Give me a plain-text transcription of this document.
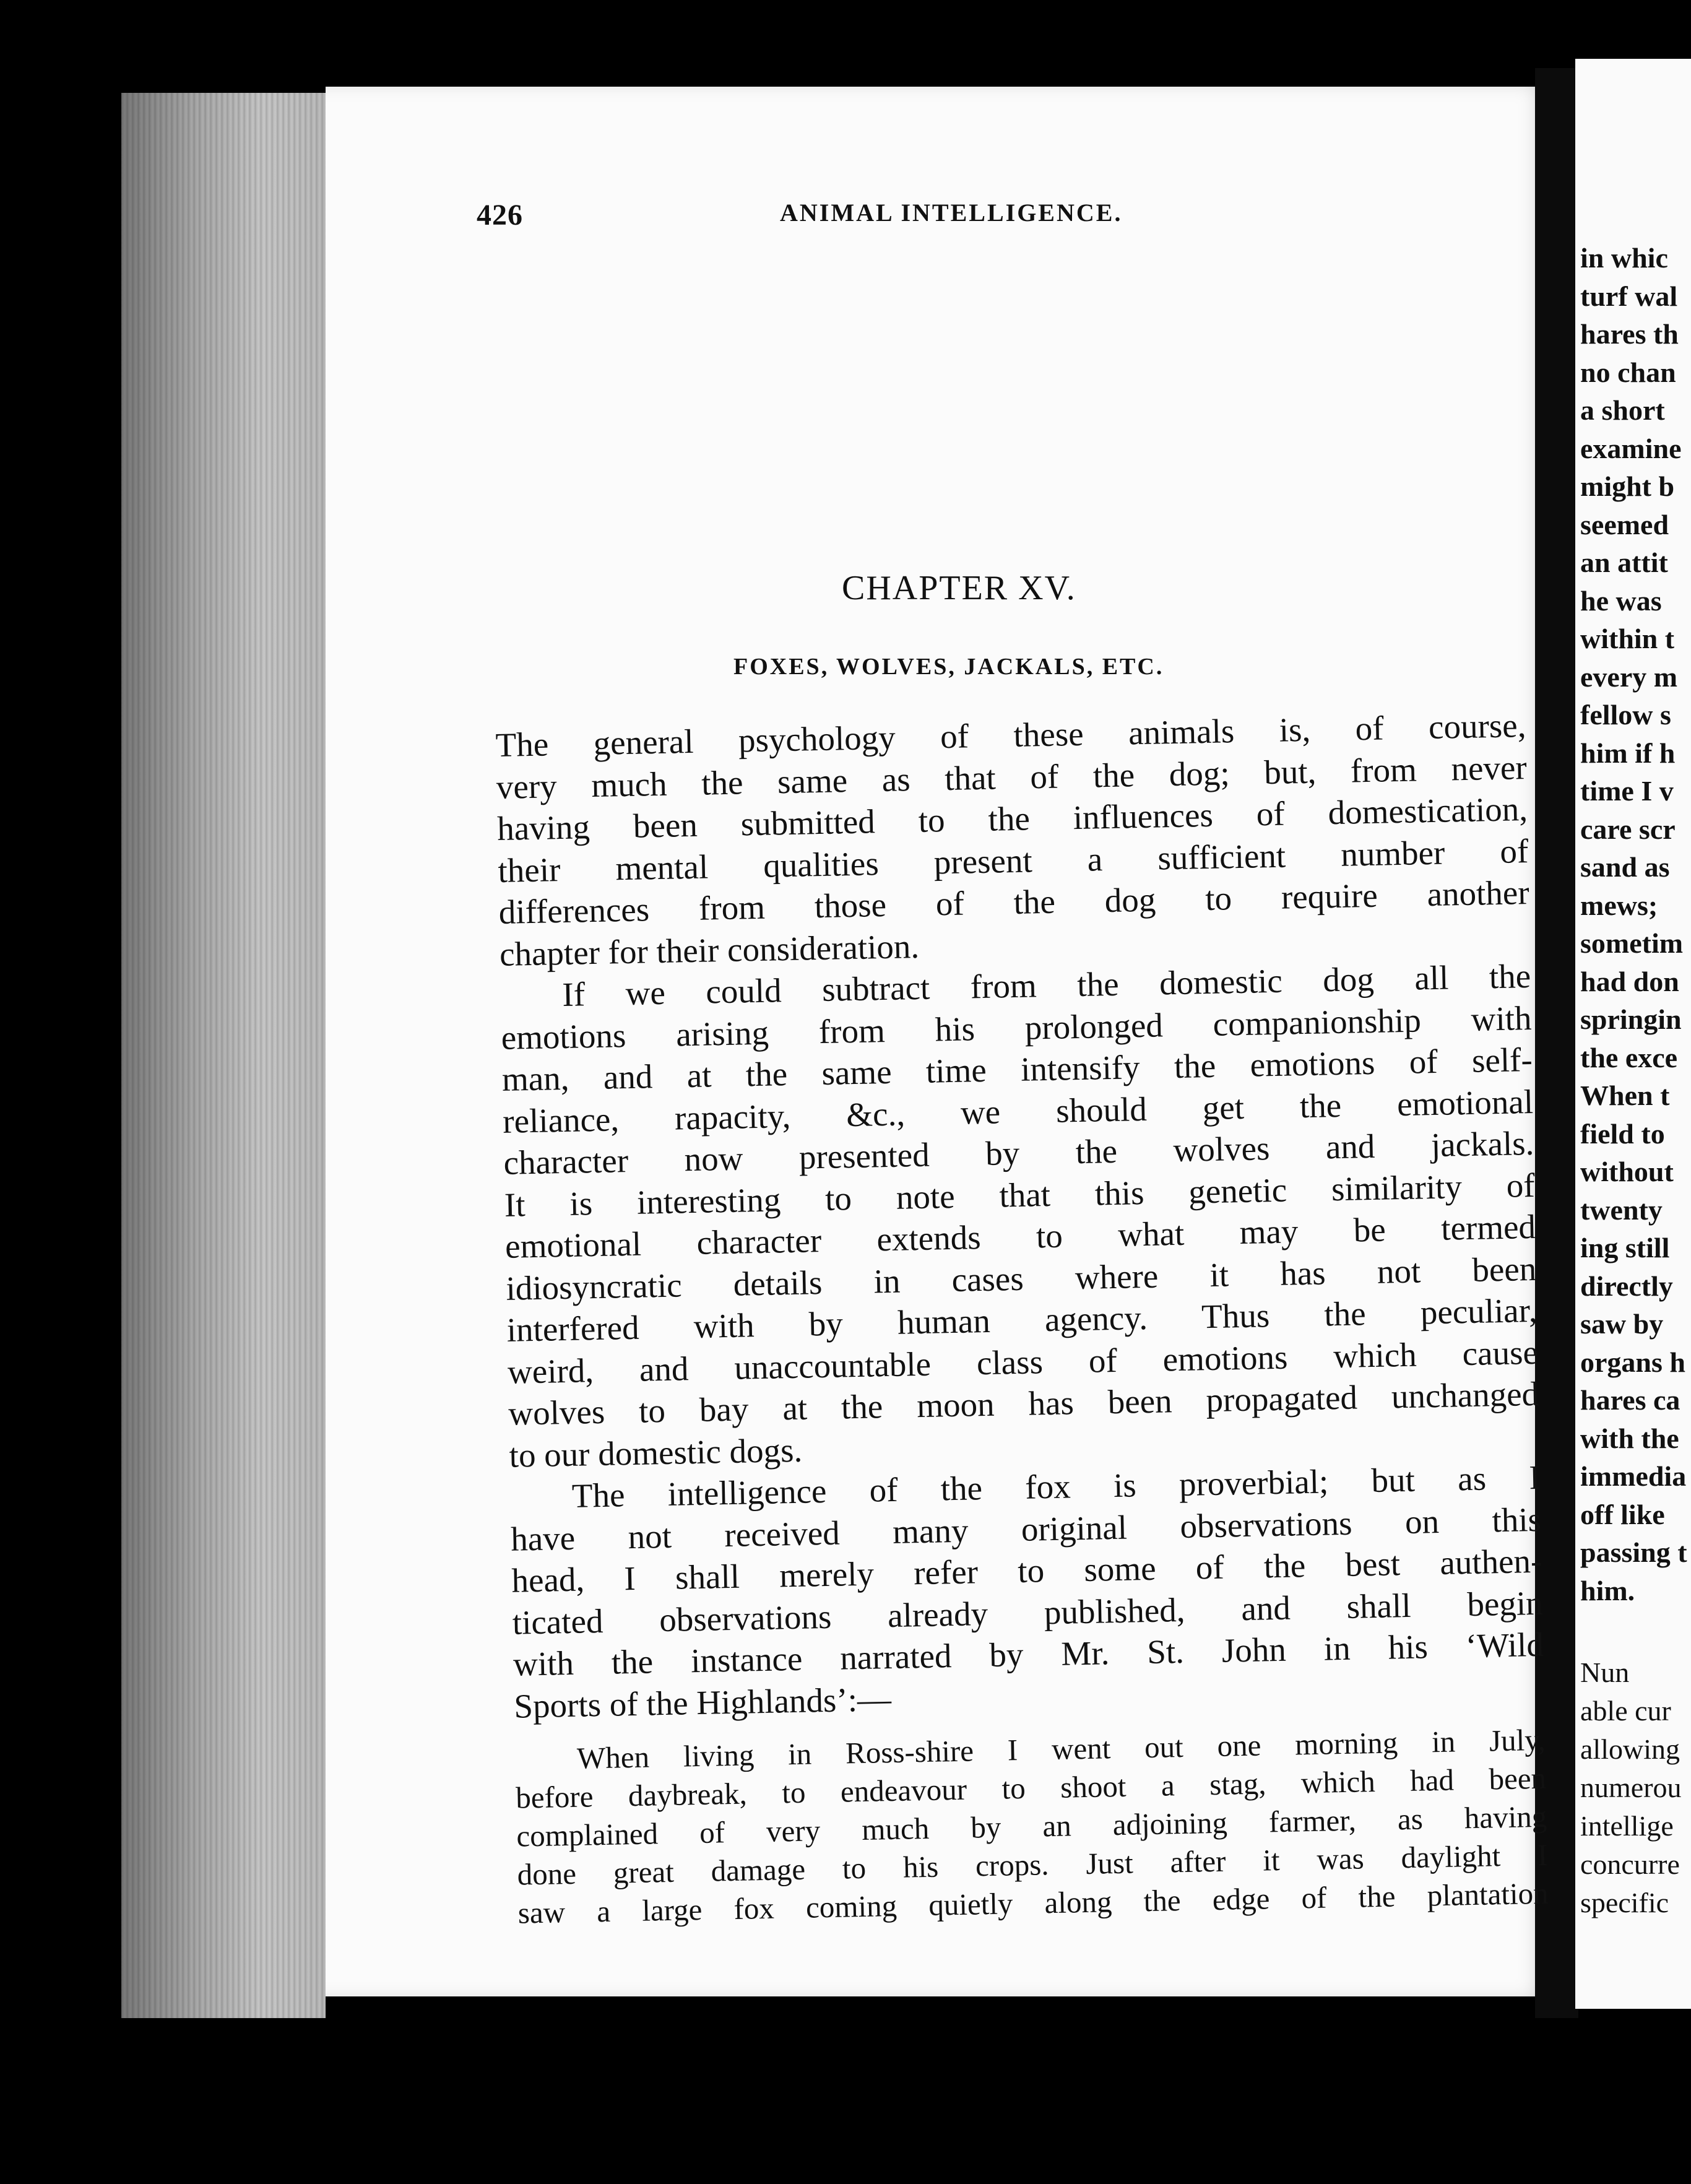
426	ANIMAL INTELLIGENCE.
CHAPTER XV.
FOXES, WOLVES, JACKALS, ETC.
The general psychology of these animals is, of course,
very much the same as that of the dog; but, from never
having been submitted to the influences of domestication,
their mental qualities present a sufficient number of
differences from those of the dog to require another
chapter for their consideration.
If we could subtract from the domestic dog all the
emotions arising from his prolonged companionship with
man, and at the same time intensify the emotions of self-
reliance, rapacity, &c., we should get the emotional
character now presented by the wolves and jackals.
It is interesting to note that this genetic similarity of
emotional character extends to what may be termed
idiosyncratic details in cases where it has not been
interfered with by human agency. Thus the peculiar,
weird, and unaccountable class of emotions which cause
wolves to bay at the moon has been propagated unchanged
to our domestic dogs.
The intelligence of the fox is proverbial; but as I
have not received many original observations on this
head, I shall merely refer to some of the best authen-
ticated observations already published, and shall begin
with the instance narrated by Mr. St. John in his ‘Wild
Sports of the Highlands’:—
When living in Ross-shire I went out one morning in July,
before daybreak, to endeavour to shoot a stag, which had been
complained of very much by an adjoining farmer, as having
done great damage to his crops. Just after it was daylight I
saw a large fox coming quietly along the edge of the plantation
in whic
turf wal
hares th
no chan
a short
examine
might b
seemed
an attit
he was
within t
every m
fellow s
him if h
time I v
care scr
sand as
mews;
sometim
had don
springin
the exce
When t
field to
without
twenty
ing still
directly
saw by
organs h
hares ca
with the
immedia
off like
passing t
him.
Nun
able cur
allowing
numerou
intellige
concurre
specific
